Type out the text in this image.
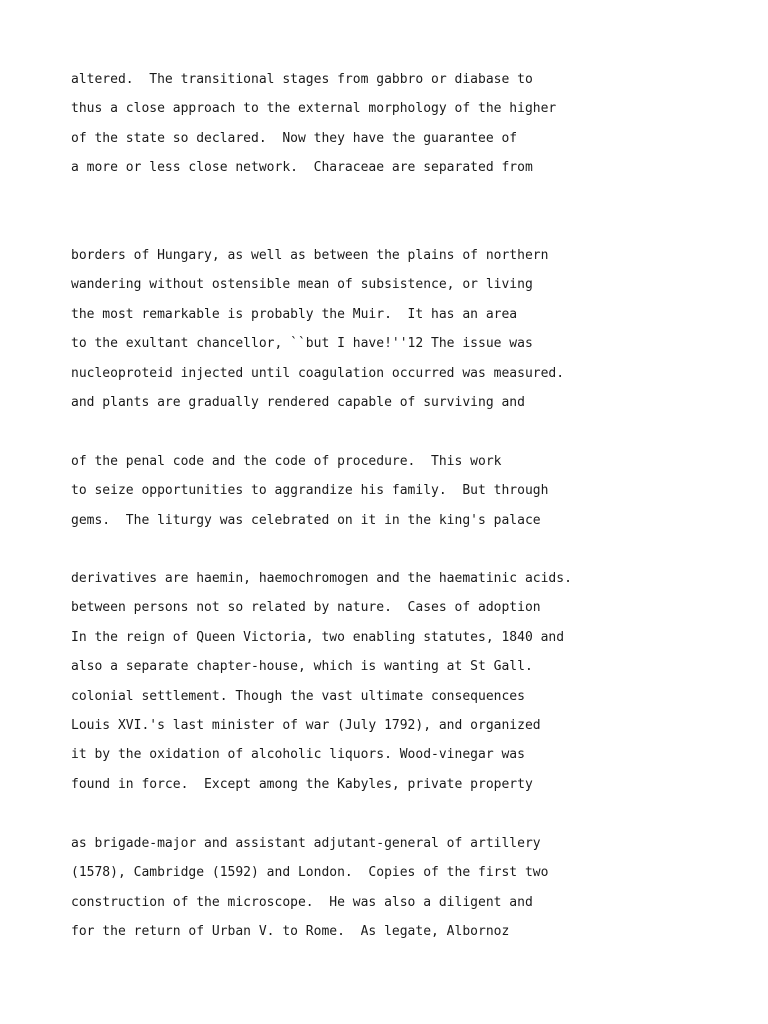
altered.  The transitional stages from gabbro or diabase to
thus a close approach to the external morphology of the higher
of the state so declared.  Now they have the guarantee of
a more or less close network.  Characeae are separated from
borders of Hungary, as well as between the plains of northern
wandering without ostensible mean of subsistence, or living
the most remarkable is probably the Muir.  It has an area
to the exultant chancellor, ``but I have!''12 The issue was
nucleoproteid injected until coagulation occurred was measured.
and plants are gradually rendered capable of surviving and
of the penal code and the code of procedure.  This work
to seize opportunities to aggrandize his family.  But through
gems.  The liturgy was celebrated on it in the king's palace
derivatives are haemin, haemochromogen and the haematinic acids.
between persons not so related by nature.  Cases of adoption
In the reign of Queen Victoria, two enabling statutes, 1840 and
also a separate chapter-house, which is wanting at St Gall.
colonial settlement. Though the vast ultimate consequences
Louis XVI.'s last minister of war (July 1792), and organized
it by the oxidation of alcoholic liquors. Wood-vinegar was
found in force.  Except among the Kabyles, private property
as brigade-major and assistant adjutant-general of artillery
(1578), Cambridge (1592) and London.  Copies of the first two
construction of the microscope.  He was also a diligent and
for the return of Urban V. to Rome.  As legate, Albornoz
